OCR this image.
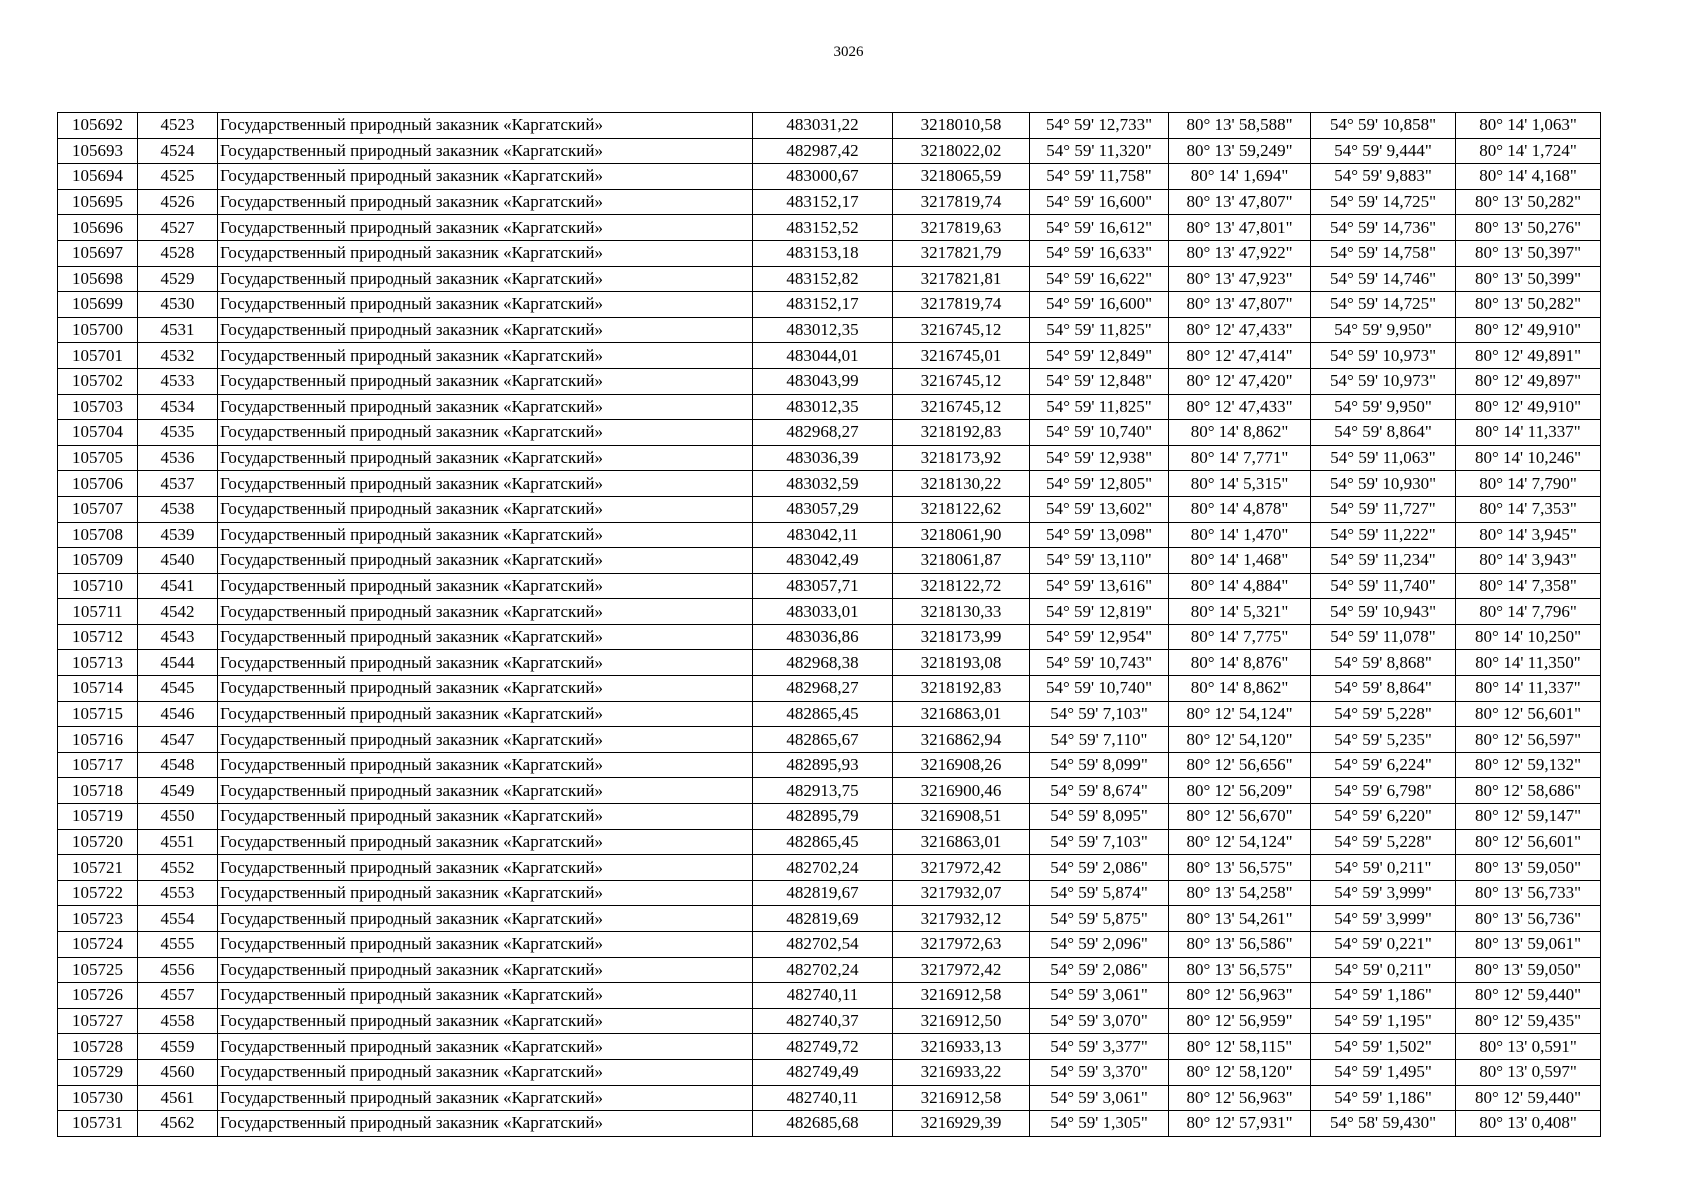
3026
105692	4523	Государственный природный заказник «Каргатский»	483031,22	3218010,58	54° 59' 12,733"	80° 13' 58,588"	54° 59' 10,858"	80° 14' 1,063"
105693	4524	Государственный природный заказник «Каргатский»	482987,42	3218022,02	54° 59' 11,320"	80° 13' 59,249"	54° 59' 9,444"	80° 14' 1,724"
105694	4525	Государственный природный заказник «Каргатский»	483000,67	3218065,59	54° 59' 11,758"	80° 14' 1,694"	54° 59' 9,883"	80° 14' 4,168"
105695	4526	Государственный природный заказник «Каргатский»	483152,17	3217819,74	54° 59' 16,600"	80° 13' 47,807"	54° 59' 14,725"	80° 13' 50,282"
105696	4527	Государственный природный заказник «Каргатский»	483152,52	3217819,63	54° 59' 16,612"	80° 13' 47,801"	54° 59' 14,736"	80° 13' 50,276"
105697	4528	Государственный природный заказник «Каргатский»	483153,18	3217821,79	54° 59' 16,633"	80° 13' 47,922"	54° 59' 14,758"	80° 13' 50,397"
105698	4529	Государственный природный заказник «Каргатский»	483152,82	3217821,81	54° 59' 16,622"	80° 13' 47,923"	54° 59' 14,746"	80° 13' 50,399"
105699	4530	Государственный природный заказник «Каргатский»	483152,17	3217819,74	54° 59' 16,600"	80° 13' 47,807"	54° 59' 14,725"	80° 13' 50,282"
105700	4531	Государственный природный заказник «Каргатский»	483012,35	3216745,12	54° 59' 11,825"	80° 12' 47,433"	54° 59' 9,950"	80° 12' 49,910"
105701	4532	Государственный природный заказник «Каргатский»	483044,01	3216745,01	54° 59' 12,849"	80° 12' 47,414"	54° 59' 10,973"	80° 12' 49,891"
105702	4533	Государственный природный заказник «Каргатский»	483043,99	3216745,12	54° 59' 12,848"	80° 12' 47,420"	54° 59' 10,973"	80° 12' 49,897"
105703	4534	Государственный природный заказник «Каргатский»	483012,35	3216745,12	54° 59' 11,825"	80° 12' 47,433"	54° 59' 9,950"	80° 12' 49,910"
105704	4535	Государственный природный заказник «Каргатский»	482968,27	3218192,83	54° 59' 10,740"	80° 14' 8,862"	54° 59' 8,864"	80° 14' 11,337"
105705	4536	Государственный природный заказник «Каргатский»	483036,39	3218173,92	54° 59' 12,938"	80° 14' 7,771"	54° 59' 11,063"	80° 14' 10,246"
105706	4537	Государственный природный заказник «Каргатский»	483032,59	3218130,22	54° 59' 12,805"	80° 14' 5,315"	54° 59' 10,930"	80° 14' 7,790"
105707	4538	Государственный природный заказник «Каргатский»	483057,29	3218122,62	54° 59' 13,602"	80° 14' 4,878"	54° 59' 11,727"	80° 14' 7,353"
105708	4539	Государственный природный заказник «Каргатский»	483042,11	3218061,90	54° 59' 13,098"	80° 14' 1,470"	54° 59' 11,222"	80° 14' 3,945"
105709	4540	Государственный природный заказник «Каргатский»	483042,49	3218061,87	54° 59' 13,110"	80° 14' 1,468"	54° 59' 11,234"	80° 14' 3,943"
105710	4541	Государственный природный заказник «Каргатский»	483057,71	3218122,72	54° 59' 13,616"	80° 14' 4,884"	54° 59' 11,740"	80° 14' 7,358"
105711	4542	Государственный природный заказник «Каргатский»	483033,01	3218130,33	54° 59' 12,819"	80° 14' 5,321"	54° 59' 10,943"	80° 14' 7,796"
105712	4543	Государственный природный заказник «Каргатский»	483036,86	3218173,99	54° 59' 12,954"	80° 14' 7,775"	54° 59' 11,078"	80° 14' 10,250"
105713	4544	Государственный природный заказник «Каргатский»	482968,38	3218193,08	54° 59' 10,743"	80° 14' 8,876"	54° 59' 8,868"	80° 14' 11,350"
105714	4545	Государственный природный заказник «Каргатский»	482968,27	3218192,83	54° 59' 10,740"	80° 14' 8,862"	54° 59' 8,864"	80° 14' 11,337"
105715	4546	Государственный природный заказник «Каргатский»	482865,45	3216863,01	54° 59' 7,103"	80° 12' 54,124"	54° 59' 5,228"	80° 12' 56,601"
105716	4547	Государственный природный заказник «Каргатский»	482865,67	3216862,94	54° 59' 7,110"	80° 12' 54,120"	54° 59' 5,235"	80° 12' 56,597"
105717	4548	Государственный природный заказник «Каргатский»	482895,93	3216908,26	54° 59' 8,099"	80° 12' 56,656"	54° 59' 6,224"	80° 12' 59,132"
105718	4549	Государственный природный заказник «Каргатский»	482913,75	3216900,46	54° 59' 8,674"	80° 12' 56,209"	54° 59' 6,798"	80° 12' 58,686"
105719	4550	Государственный природный заказник «Каргатский»	482895,79	3216908,51	54° 59' 8,095"	80° 12' 56,670"	54° 59' 6,220"	80° 12' 59,147"
105720	4551	Государственный природный заказник «Каргатский»	482865,45	3216863,01	54° 59' 7,103"	80° 12' 54,124"	54° 59' 5,228"	80° 12' 56,601"
105721	4552	Государственный природный заказник «Каргатский»	482702,24	3217972,42	54° 59' 2,086"	80° 13' 56,575"	54° 59' 0,211"	80° 13' 59,050"
105722	4553	Государственный природный заказник «Каргатский»	482819,67	3217932,07	54° 59' 5,874"	80° 13' 54,258"	54° 59' 3,999"	80° 13' 56,733"
105723	4554	Государственный природный заказник «Каргатский»	482819,69	3217932,12	54° 59' 5,875"	80° 13' 54,261"	54° 59' 3,999"	80° 13' 56,736"
105724	4555	Государственный природный заказник «Каргатский»	482702,54	3217972,63	54° 59' 2,096"	80° 13' 56,586"	54° 59' 0,221"	80° 13' 59,061"
105725	4556	Государственный природный заказник «Каргатский»	482702,24	3217972,42	54° 59' 2,086"	80° 13' 56,575"	54° 59' 0,211"	80° 13' 59,050"
105726	4557	Государственный природный заказник «Каргатский»	482740,11	3216912,58	54° 59' 3,061"	80° 12' 56,963"	54° 59' 1,186"	80° 12' 59,440"
105727	4558	Государственный природный заказник «Каргатский»	482740,37	3216912,50	54° 59' 3,070"	80° 12' 56,959"	54° 59' 1,195"	80° 12' 59,435"
105728	4559	Государственный природный заказник «Каргатский»	482749,72	3216933,13	54° 59' 3,377"	80° 12' 58,115"	54° 59' 1,502"	80° 13' 0,591"
105729	4560	Государственный природный заказник «Каргатский»	482749,49	3216933,22	54° 59' 3,370"	80° 12' 58,120"	54° 59' 1,495"	80° 13' 0,597"
105730	4561	Государственный природный заказник «Каргатский»	482740,11	3216912,58	54° 59' 3,061"	80° 12' 56,963"	54° 59' 1,186"	80° 12' 59,440"
105731	4562	Государственный природный заказник «Каргатский»	482685,68	3216929,39	54° 59' 1,305"	80° 12' 57,931"	54° 58' 59,430"	80° 13' 0,408"
